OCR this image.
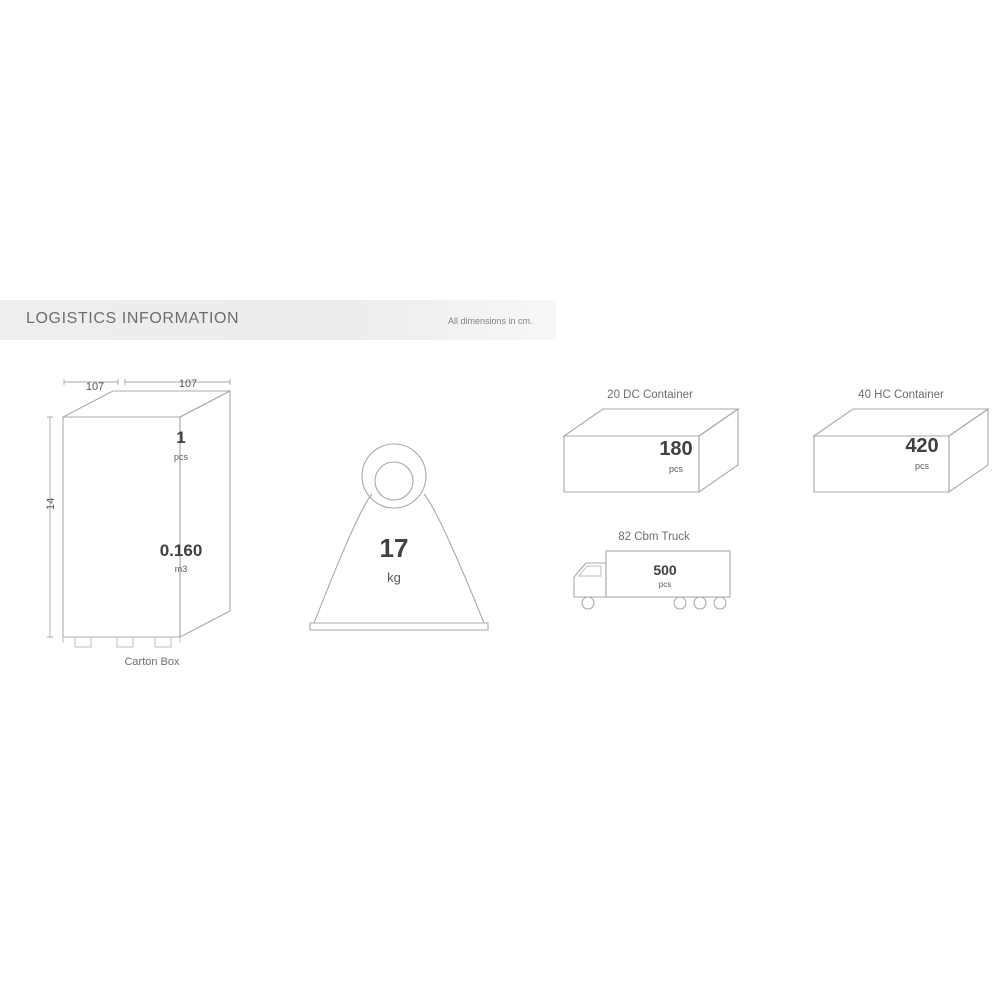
LOGISTICS INFORMATION	All dimensions in cm.
107	107
14
1
pcs
0.160
m3
Carton Box
17
kg
20 DC Container
180
pcs
40 HC Container
420
pcs
82 Cbm Truck
500
pcs
